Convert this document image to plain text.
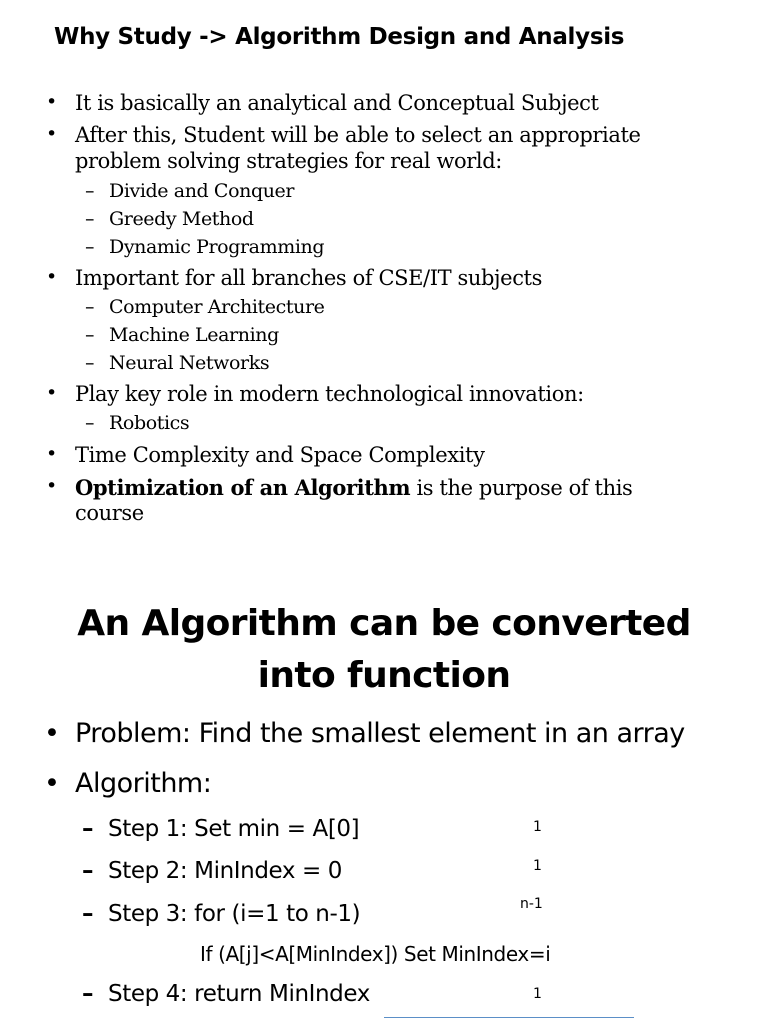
Why Study -> Algorithm Design and Analysis
• It is basically an analytical and Conceptual Subject
• After this, Student will be able to select an appropriate
problem solving strategies for real world:
– Divide and Conquer
– Greedy Method
– Dynamic Programming
• Important for all branches of CSE/IT subjects
– Computer Architecture
– Machine Learning
– Neural Networks
• Play key role in modern technological innovation:
– Robotics
• Time Complexity and Space Complexity
• Optimization of an Algorithm is the purpose of this
course
An Algorithm can be converted
into function
• Problem: Find the smallest element in an array
• Algorithm:
– Step 1: Set min = A[0]
– Step 2: MinIndex = 0
– Step 3: for (i=1 to n-1)
If (A[j]<A[MinIndex]) Set MinIndex=i
– Step 4: return MinIndex
1
1
n-1
1
